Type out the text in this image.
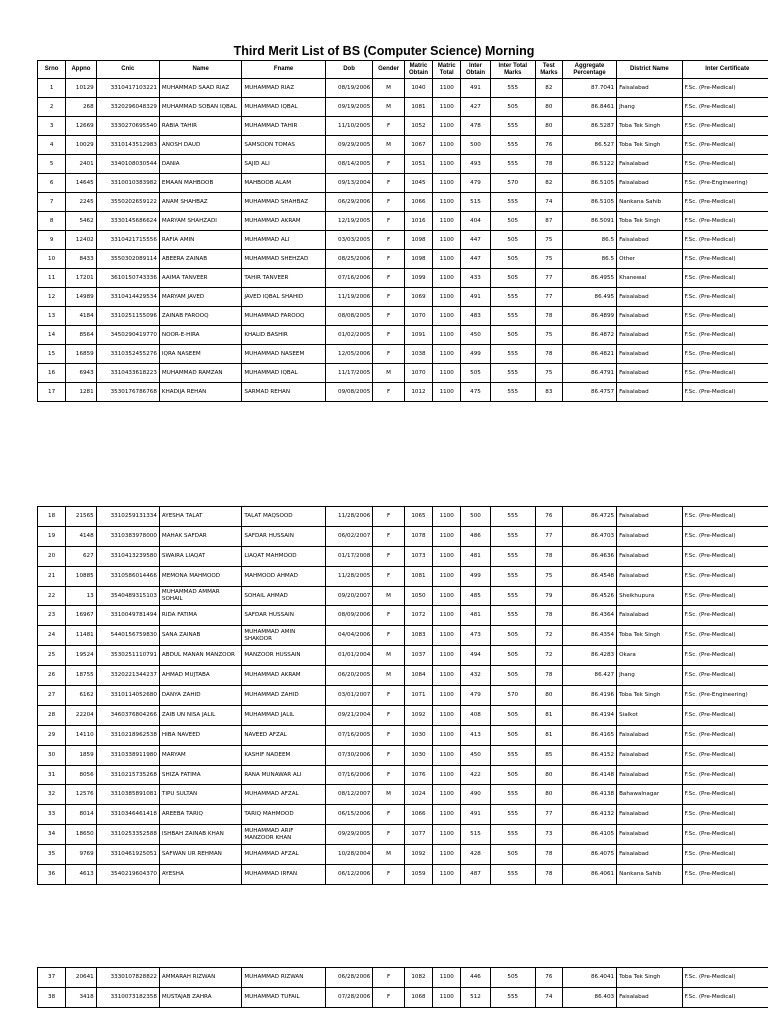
Third Merit List of BS (Computer Science) Morning
Srno	Appno	Cnic	Name	Fname	Dob	Gender	Matric Obtain	Matric Total	Inter Obtain	Inter Total Marks	Test Marks	Aggregate Percentage	District Name	Inter Certificate
1	10129	3310417103221	MUHAMMAD SAAD RIAZ	MUHAMMAD RIAZ	08/19/2006	M	1040	1100	491	555	82	87.7041	Faisalabad	F.Sc. (Pre-Medical)
2	268	3320296048329	MUHAMMAD SOBAN IQBAL	MUHAMMAD IQBAL	09/19/2005	M	1081	1100	427	505	80	86.8461	Jhang	F.Sc. (Pre-Medical)
3	12669	3330270695540	RABIA TAHIR	MUHAMMAD TAHIR	11/10/2005	F	1052	1100	478	555	80	86.5287	Toba Tek Singh	F.Sc. (Pre-Medical)
4	10029	3310143512983	ANOSH DAUD	SAMSOON TOMAS	09/29/2005	M	1067	1100	500	555	76	86.527	Toba Tek Singh	F.Sc. (Pre-Medical)
5	2401	3340108030544	DANIA	SAJID ALI	08/14/2005	F	1051	1100	493	555	78	86.5122	Faisalabad	F.Sc. (Pre-Medical)
6	14645	3310010383982	EMAAN MAHBOOB	MAHBOOB ALAM	09/13/2004	F	1045	1100	479	570	82	86.5105	Faisalabad	F.Sc. (Pre-Engineering)
7	2245	3550202659122	ANAM SHAHBAZ	MUHAMMAD SHAHBAZ	06/29/2006	F	1066	1100	515	555	74	86.5105	Nankana Sahib	F.Sc. (Pre-Medical)
8	5462	3330145686624	MARYAM SHAHZADI	MUHAMMAD AKRAM	12/19/2005	F	1016	1100	404	505	87	86.5091	Toba Tek Singh	F.Sc. (Pre-Medical)
9	12402	3310421715556	RAFIA AMIN	MUHAMMAD ALI	03/03/2005	F	1098	1100	447	505	75	86.5	Faisalabad	F.Sc. (Pre-Medical)
10	8433	3550302089114	ABEERA ZAINAB	MUHAMMAD SHEHZAD	08/25/2006	F	1098	1100	447	505	75	86.5	Other	F.Sc. (Pre-Medical)
11	17201	3610150743336	AAIMA TANVEER	TAHIR TANVEER	07/16/2006	F	1099	1100	433	505	77	86.4955	Khanewal	F.Sc. (Pre-Medical)
12	14989	3310414429534	MARYAM JAVED	JAVED IQBAL SHAHID	11/19/2006	F	1069	1100	491	555	77	86.495	Faisalabad	F.Sc. (Pre-Medical)
13	4184	3310251155096	ZAINAB FAROOQ	MUHAMMAD FAROOQ	08/08/2005	F	1070	1100	483	555	78	86.4899	Faisalabad	F.Sc. (Pre-Medical)
14	8564	3450290419770	NOOR-E-HIRA	KHALID BASHIR	01/02/2005	F	1091	1100	450	505	75	86.4872	Faisalabad	F.Sc. (Pre-Medical)
15	16859	3310352455276	IQRA NASEEM	MUHAMMAD NASEEM	12/05/2006	F	1038	1100	499	555	78	86.4821	Faisalabad	F.Sc. (Pre-Medical)
16	6943	3310433618223	MUHAMMAD RAMZAN	MUHAMMAD IQBAL	11/17/2005	M	1070	1100	505	555	75	86.4791	Faisalabad	F.Sc. (Pre-Medical)
17	1281	3530176786768	KHADIJA REHAN	SARMAD REHAN	09/08/2005	F	1012	1100	475	555	83	86.4757	Faisalabad	F.Sc. (Pre-Medical)
18	21565	3310259131334	AYESHA TALAT	TALAT MAQSOOD	11/28/2006	F	1065	1100	500	555	76	86.4725	Faisalabad	F.Sc. (Pre-Medical)
19	4148	3310383978000	MAHAK SAFDAR	SAFDAR HUSSAIN	06/02/2007	F	1078	1100	486	555	77	86.4703	Faisalabad	F.Sc. (Pre-Medical)
20	627	3310413239580	SWAIRA LIAQAT	LIAQAT MAHMOOD	01/17/2008	F	1073	1100	481	555	78	86.4636	Faisalabad	F.Sc. (Pre-Medical)
21	10885	3310586014466	MEMONA MAHMOOD	MAHMOOD AHMAD	11/28/2005	F	1081	1100	499	555	75	86.4548	Faisalabad	F.Sc. (Pre-Medical)
22	13	3540489315103	MUHAMMAD AMMAR SOHAIL	SOHAIL AHMAD	09/20/2007	M	1050	1100	485	555	79	86.4526	Sheikhupura	F.Sc. (Pre-Medical)
23	16967	3310049781494	RIDA FATIMA	SAFDAR HUSSAIN	08/09/2006	F	1072	1100	481	555	78	86.4364	Faisalabad	F.Sc. (Pre-Medical)
24	11481	5440156759830	SANA ZAINAB	MUHAMMAD AMIN SHAKOOR	04/04/2006	F	1083	1100	473	505	72	86.4354	Toba Tek Singh	F.Sc. (Pre-Medical)
25	19524	3530251110791	ABDUL MANAN MANZOOR	MANZOOR HUSSAIN	01/01/2004	M	1037	1100	494	505	72	86.4283	Okara	F.Sc. (Pre-Medical)
26	18755	3320221344237	AHMAD MUJTABA	MUHAMMAD AKRAM	06/20/2005	M	1084	1100	432	505	78	86.427	Jhang	F.Sc. (Pre-Medical)
27	6162	3310114052680	DANYA ZAHID	MUHAMMAD ZAHID	03/01/2007	F	1071	1100	479	570	80	86.4196	Toba Tek Singh	F.Sc. (Pre-Engineering)
28	22204	3460376804266	ZAIB UN NISA JALIL	MUHAMMAD JALIL	09/21/2004	F	1092	1100	408	505	81	86.4194	Sialkot	F.Sc. (Pre-Medical)
29	14110	3310218962538	HIBA NAVEED	NAVEED AFZAL	07/16/2005	F	1030	1100	413	505	81	86.4165	Faisalabad	F.Sc. (Pre-Medical)
30	1859	3310338911980	MARYAM	KASHIF NADEEM	07/30/2006	F	1030	1100	450	555	85	86.4152	Faisalabad	F.Sc. (Pre-Medical)
31	8056	3310215735268	SHIZA FATIMA	RANA MUNAWAR ALI	07/16/2006	F	1076	1100	422	505	80	86.4148	Faisalabad	F.Sc. (Pre-Medical)
32	12576	3310385891081	TIPU SULTAN	MUHAMMAD AFZAL	08/12/2007	M	1024	1100	490	555	80	86.4138	Bahawalnagar	F.Sc. (Pre-Medical)
33	8014	3310346461418	AREEBA TARIQ	TARIQ MAHMOOD	06/15/2006	F	1066	1100	491	555	77	86.4132	Faisalabad	F.Sc. (Pre-Medical)
34	18650	3310253352588	ISHBAH ZAINAB KHAN	MUHAMMAD ARIF MANZOOR KHAN	09/29/2005	F	1077	1100	515	555	73	86.4105	Faisalabad	F.Sc. (Pre-Medical)
35	9769	3310461925051	SAFWAN UR REHMAN	MUHAMMAD AFZAL	10/28/2004	M	1092	1100	428	505	78	86.4075	Faisalabad	F.Sc. (Pre-Medical)
36	4613	3540219604370	AYESHA	MUHAMMAD IRFAN	06/12/2006	F	1059	1100	487	555	78	86.4061	Nankana Sahib	F.Sc. (Pre-Medical)
37	20641	3330107828822	AMMARAH RIZWAN	MUHAMMAD RIZWAN	06/28/2006	F	1082	1100	446	505	76	86.4041	Toba Tek Singh	F.Sc. (Pre-Medical)
38	3418	3310073182358	MUSTAJAB ZAHRA	MUHAMMAD TUFAIL	07/28/2006	F	1068	1100	512	555	74	86.403	Faisalabad	F.Sc. (Pre-Medical)
